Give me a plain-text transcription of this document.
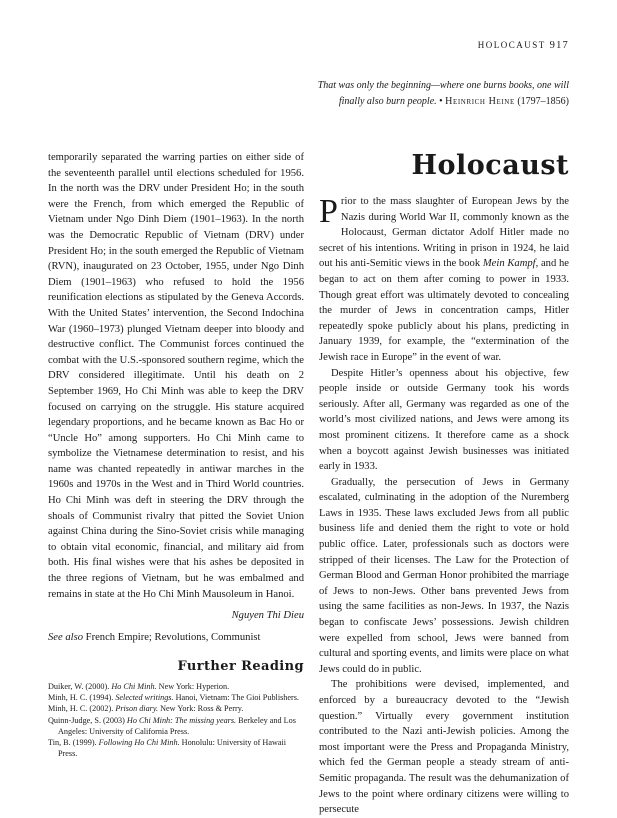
HOLOCAUST 917
That was only the beginning—where one burns books, one will
finally also burn people. • Heinrich Heine (1797–1856)

temporarily separated the warring parties on either side of the seventeenth parallel until elections scheduled for 1956. In the north was the DRV under President Ho; in the south were the French, from which emerged the Republic of Vietnam under Ngo Dinh Diem (1901–1963). In the north was the Democratic Republic of Vietnam (DRV) under President Ho; in the south emerged the Republic of Vietnam (RVN), inaugurated on 23 October, 1955, under Ngo Dinh Diem (1901–1963) who refused to hold the 1956 reunification elections as stipulated by the Geneva Accords. With the United States’ intervention, the Second Indochina War (1960–1973) plunged Vietnam deeper into bloody and destructive conflict. The Communist forces continued the combat with the U.S.-sponsored southern regime, which the DRV considered illegitimate. Until his death on 2 September 1969, Ho Chi Minh was able to keep the DRV focused on carrying on the struggle. His stature acquired legendary proportions, and he became known as Bac Ho or “Uncle Ho” among supporters. Ho Chi Minh came to symbolize the Vietnamese determination to resist, and his name was chanted repeatedly in antiwar marches in the 1960s and 1970s in the West and in Third World countries. Ho Chi Minh was deft in steering the DRV through the shoals of Communist rivalry that pitted the Soviet Union against China during the Sino-Soviet crisis while managing to obtain vital economic, financial, and military aid from both. His final wishes were that his ashes be deposited in the three regions of Vietnam, but he was embalmed and remains in state at the Ho Chi Minh Mausoleum in Hanoi.

Nguyen Thi Dieu

See also French Empire; Revolutions, Communist

Further Reading

Duiker, W. (2000). Ho Chi Minh. New York: Hyperion.

Minh, H. C. (1994). Selected writings. Hanoi, Vietnam: The Gioi Publishers.

Minh, H. C. (2002). Prison diary. New York: Ross & Perry.

Quinn-Judge, S. (2003) Ho Chi Minh: The missing years. Berkeley and Los Angeles: University of California Press.

Tin, B. (1999). Following Ho Chi Minh. Honolulu: University of Hawaii Press.

Holocaust

Prior to the mass slaughter of European Jews by the Nazis during World War II, commonly known as the Holocaust, German dictator Adolf Hitler made no secret of his intentions. Writing in prison in 1924, he laid out his anti-Semitic views in the book Mein Kampf, and he began to act on them after coming to power in 1933. Though great effort was ultimately devoted to concealing the murder of Jews in concentration camps, Hitler repeatedly spoke publicly about his plans, predicting in January 1939, for example, the “extermination of the Jewish race in Europe” in the event of war.

Despite Hitler’s openness about his objective, few people inside or outside Germany took his words seriously. After all, Germany was regarded as one of the world’s most civilized nations, and Jews were among its most prominent citizens. It therefore came as a shock when a boycott against Jewish businesses was initiated early in 1933.

Gradually, the persecution of Jews in Germany escalated, culminating in the adoption of the Nuremberg Laws in 1935. These laws excluded Jews from all public business life and denied them the right to vote or hold public office. Later, professionals such as doctors were stripped of their licenses. The Law for the Protection of German Blood and German Honor prohibited the marriage of Jews to non-Jews. Other bans prevented Jews from using the same facilities as non-Jews. In 1937, the Nazis began to confiscate Jews’ possessions. Jewish children were expelled from school, Jews were banned from cultural and sporting events, and limits were place on what Jews could do in public.

The prohibitions were devised, implemented, and enforced by a bureaucracy devoted to the “Jewish question.” Virtually every government institution contributed to the Nazi anti-Jewish policies. Among the most important were the Press and Propaganda Ministry, which fed the German people a steady stream of anti-Semitic propaganda. The result was the dehumanization of Jews to the point where ordinary citizens were willing to persecute
